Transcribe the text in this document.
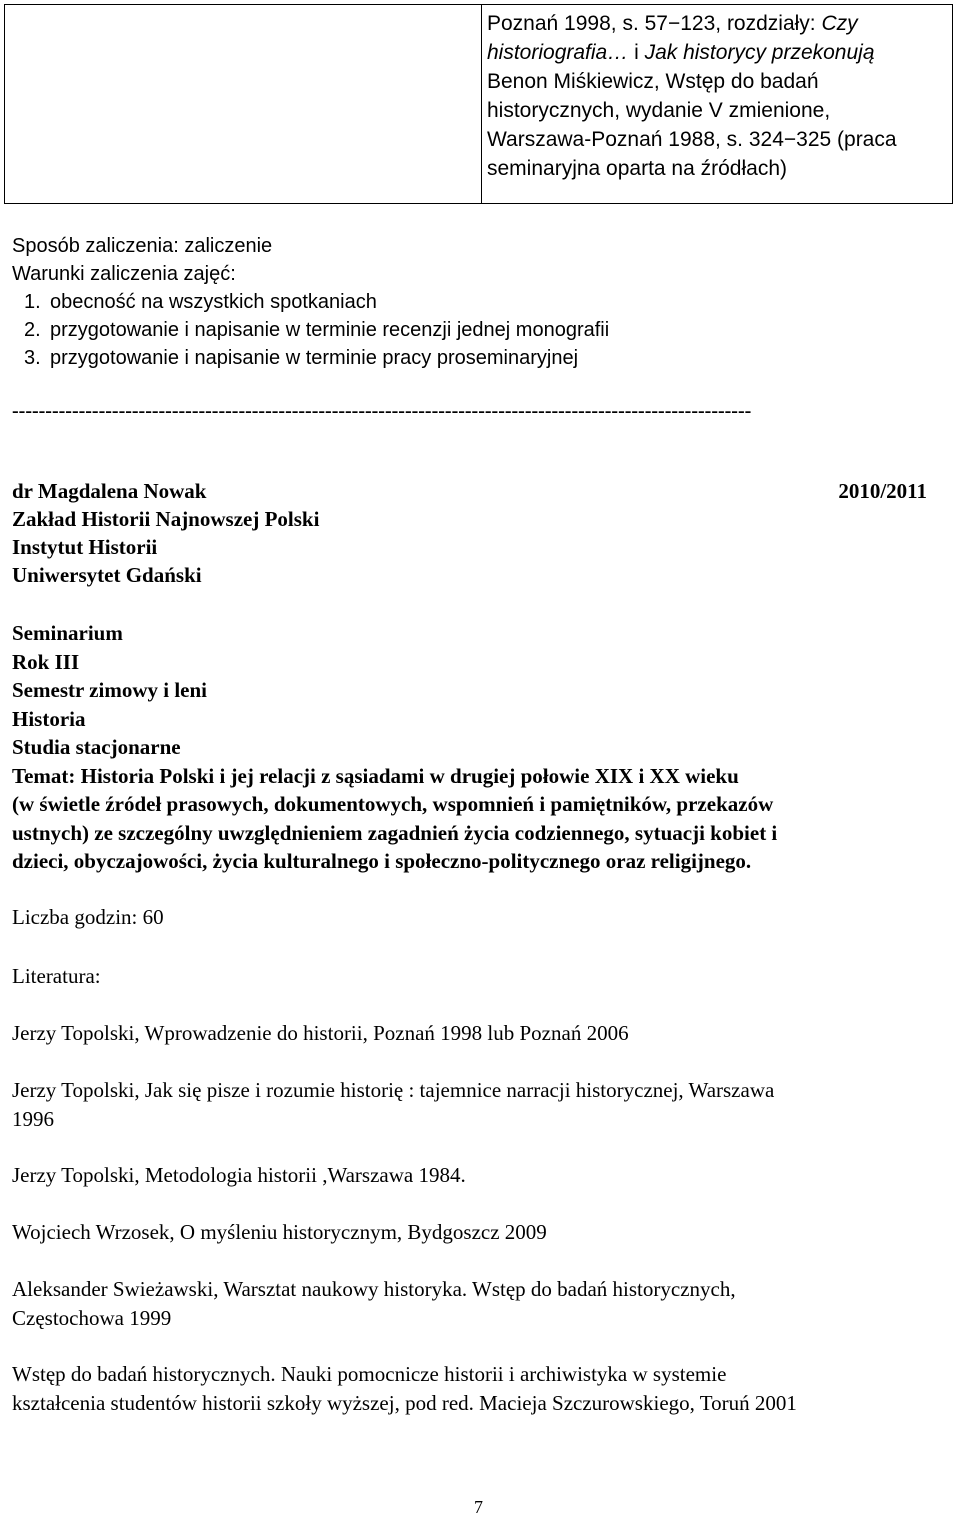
Poznań 1998, s. 57−123, rozdziały: Czy
historiografia… i Jak historycy przekonują
Benon Miśkiewicz, Wstęp do badań
historycznych, wydanie V zmienione,
Warszawa-Poznań 1988, s. 324−325 (praca
seminaryjna oparta na źródłach)
Sposób zaliczenia: zaliczenie
Warunki zaliczenia zajęć:
1. obecność na wszystkich spotkaniach
2. przygotowanie i napisanie w terminie recenzji jednej monografii
3. przygotowanie i napisanie w terminie pracy proseminaryjnej
---------------------------------------------------------------------------------------------------------------
dr Magdalena Nowak	2010/2011
Zakład Historii Najnowszej Polski
Instytut Historii
Uniwersytet Gdański
Seminarium
Rok III
Semestr zimowy i leni
Historia
Studia stacjonarne
Temat: Historia Polski i jej relacji z sąsiadami w drugiej połowie XIX i XX wieku
(w świetle źródeł prasowych, dokumentowych, wspomnień i pamiętników, przekazów
ustnych) ze szczególny uwzględnieniem zagadnień życia codziennego, sytuacji kobiet i
dzieci, obyczajowości, życia kulturalnego i społeczno-politycznego oraz religijnego.
Liczba godzin: 60
Literatura:
Jerzy Topolski, Wprowadzenie do historii, Poznań 1998 lub Poznań 2006
Jerzy Topolski, Jak się pisze i rozumie historię : tajemnice narracji historycznej, Warszawa
1996
Jerzy Topolski, Metodologia historii ,Warszawa 1984.
Wojciech Wrzosek, O myśleniu historycznym, Bydgoszcz 2009
Aleksander Swieżawski, Warsztat naukowy historyka. Wstęp do badań historycznych,
Częstochowa 1999
Wstęp do badań historycznych. Nauki pomocnicze historii i archiwistyka w systemie
kształcenia studentów historii szkoły wyższej, pod red. Macieja Szczurowskiego, Toruń 2001
7
